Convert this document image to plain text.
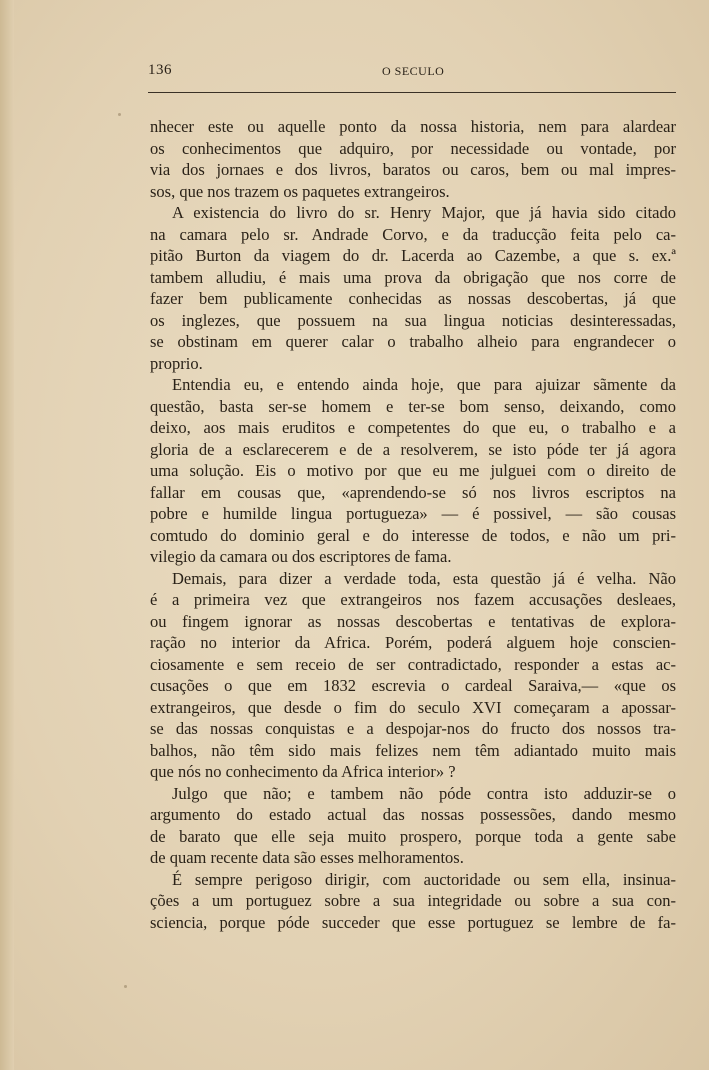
136	O SECULO
nhecer este ou aquelle ponto da nossa historia, nem para alardear
os conhecimentos que adquiro, por necessidade ou vontade, por
via dos jornaes e dos livros, baratos ou caros, bem ou mal impres-
sos, que nos trazem os paquetes extrangeiros.
A existencia do livro do sr. Henry Major, que já havia sido citado
na camara pelo sr. Andrade Corvo, e da traducção feita pelo ca-
pitão Burton da viagem do dr. Lacerda ao Cazembe, a que s. ex.ª
tambem alludiu, é mais uma prova da obrigação que nos corre de
fazer bem publicamente conhecidas as nossas descobertas, já que
os inglezes, que possuem na sua lingua noticias desinteressadas,
se obstinam em querer calar o trabalho alheio para engrandecer o
proprio.
Entendia eu, e entendo ainda hoje, que para ajuizar sãmente da
questão, basta ser-se homem e ter-se bom senso, deixando, como
deixo, aos mais eruditos e competentes do que eu, o trabalho e a
gloria de a esclarecerem e de a resolverem, se isto póde ter já agora
uma solução. Eis o motivo por que eu me julguei com o direito de
fallar em cousas que, «aprendendo-se só nos livros escriptos na
pobre e humilde lingua portugueza» — é possivel, — são cousas
comtudo do dominio geral e do interesse de todos, e não um pri-
vilegio da camara ou dos escriptores de fama.
Demais, para dizer a verdade toda, esta questão já é velha. Não
é a primeira vez que extrangeiros nos fazem accusações desleaes,
ou fingem ignorar as nossas descobertas e tentativas de explora-
ração no interior da Africa. Porém, poderá alguem hoje conscien-
ciosamente e sem receio de ser contradictado, responder a estas ac-
cusações o que em 1832 escrevia o cardeal Saraiva,— «que os
extrangeiros, que desde o fim do seculo XVI começaram a apossar-
se das nossas conquistas e a despojar-nos do fructo dos nossos tra-
balhos, não têm sido mais felizes nem têm adiantado muito mais
que nós no conhecimento da Africa interior» ?
Julgo que não; e tambem não póde contra isto adduzir-se o
argumento do estado actual das nossas possessões, dando mesmo
de barato que elle seja muito prospero, porque toda a gente sabe
de quam recente data são esses melhoramentos.
É sempre perigoso dirigir, com auctoridade ou sem ella, insinua-
ções a um portuguez sobre a sua integridade ou sobre a sua con-
sciencia, porque póde succeder que esse portuguez se lembre de fa-
